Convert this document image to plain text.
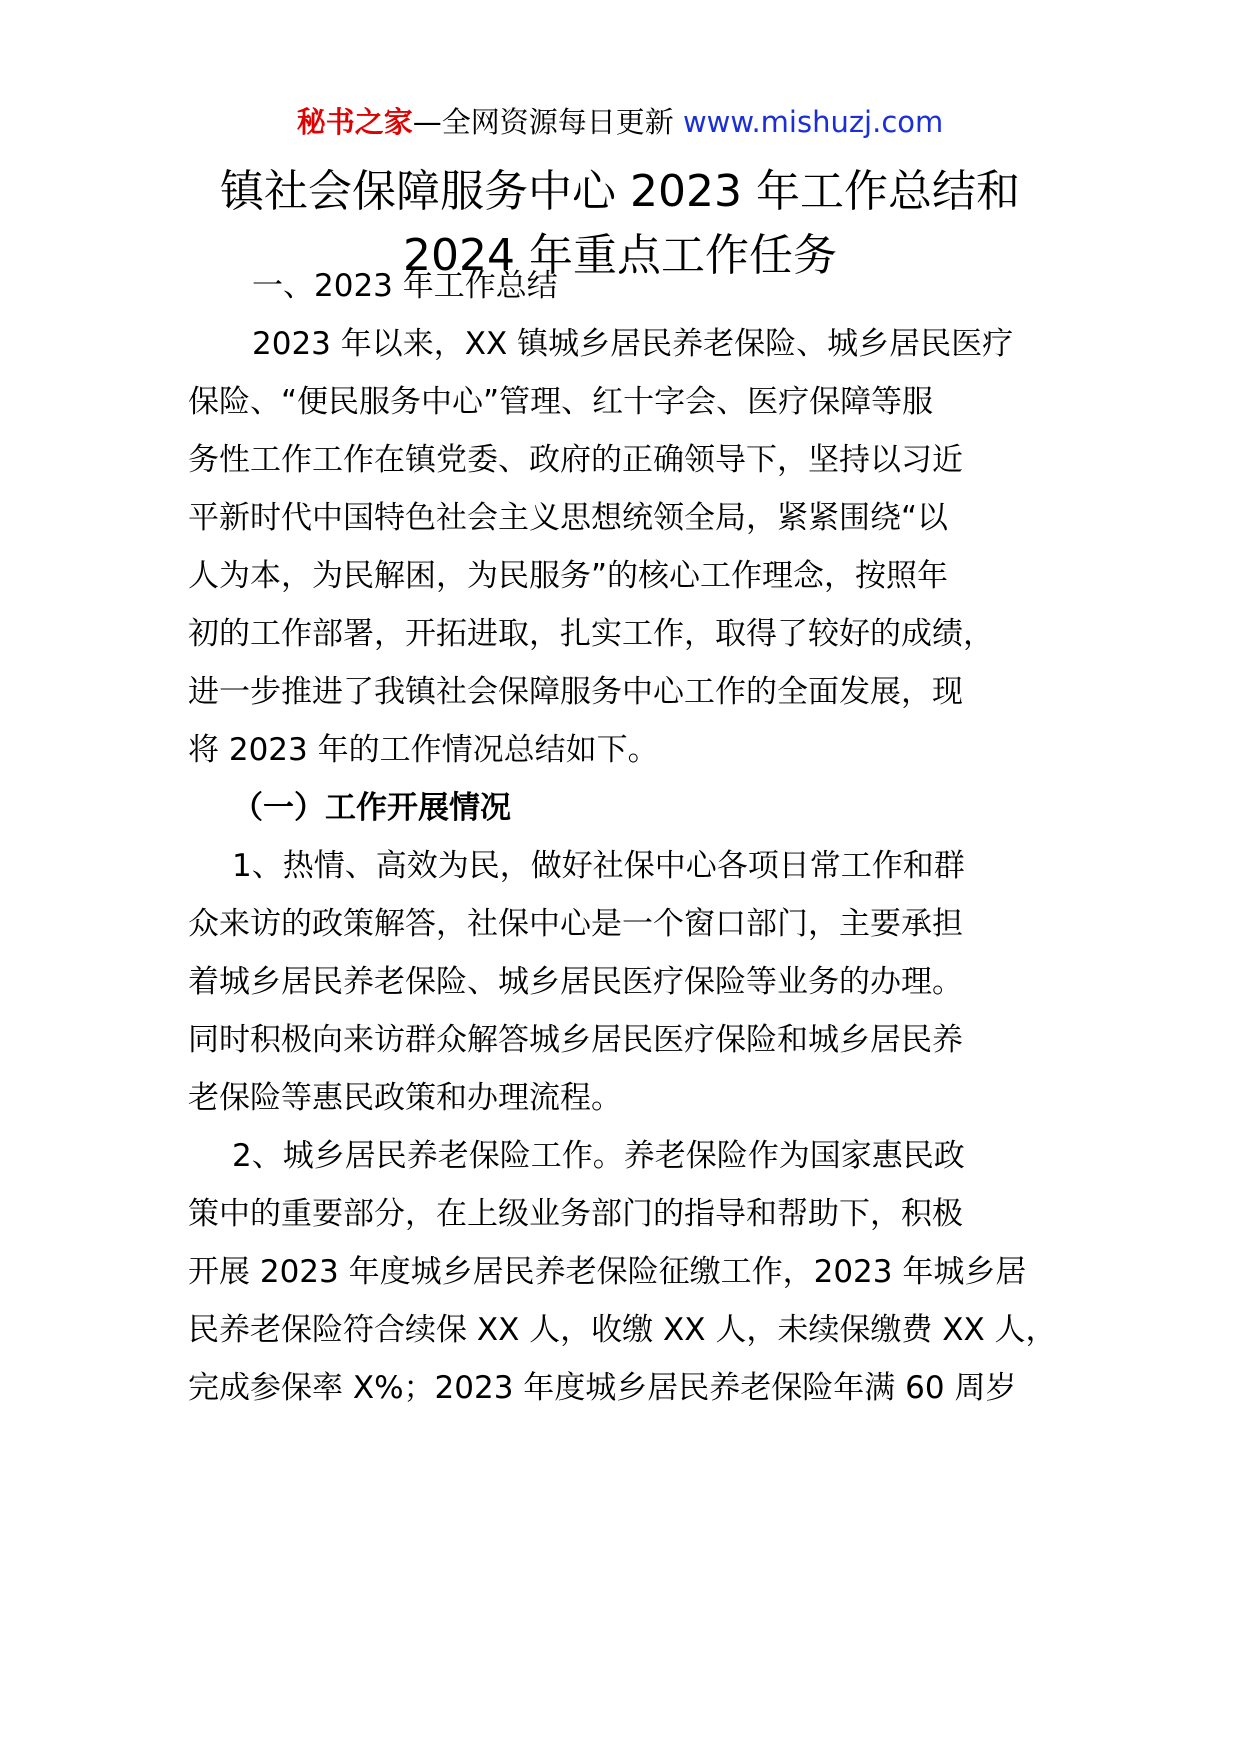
秘书之家—全网资源每日更新 www.mishuzj.com
镇社会保障服务中心 2023 年工作总结和
2024 年重点工作任务
一、2023 年工作总结
2023 年以来，XX 镇城乡居民养老保险、城乡居民医疗
保险、“便民服务中心”管理、红十字会、医疗保障等服
务性工作工作在镇党委、政府的正确领导下，坚持以习近
平新时代中国特色社会主义思想统领全局，紧紧围绕“以
人为本，为民解困，为民服务”的核心工作理念，按照年
初的工作部署，开拓进取，扎实工作，取得了较好的成绩，
进一步推进了我镇社会保障服务中心工作的全面发展，现
将 2023 年的工作情况总结如下。
（一）工作开展情况
1、热情、高效为民，做好社保中心各项日常工作和群
众来访的政策解答，社保中心是一个窗口部门，主要承担
着城乡居民养老保险、城乡居民医疗保险等业务的办理。
同时积极向来访群众解答城乡居民医疗保险和城乡居民养
老保险等惠民政策和办理流程。
2、城乡居民养老保险工作。养老保险作为国家惠民政
策中的重要部分，在上级业务部门的指导和帮助下，积极
开展 2023 年度城乡居民养老保险征缴工作，2023 年城乡居
民养老保险符合续保 XX 人，收缴 XX 人，未续保缴费 XX 人，
完成参保率 X%；2023 年度城乡居民养老保险年满 60 周岁
